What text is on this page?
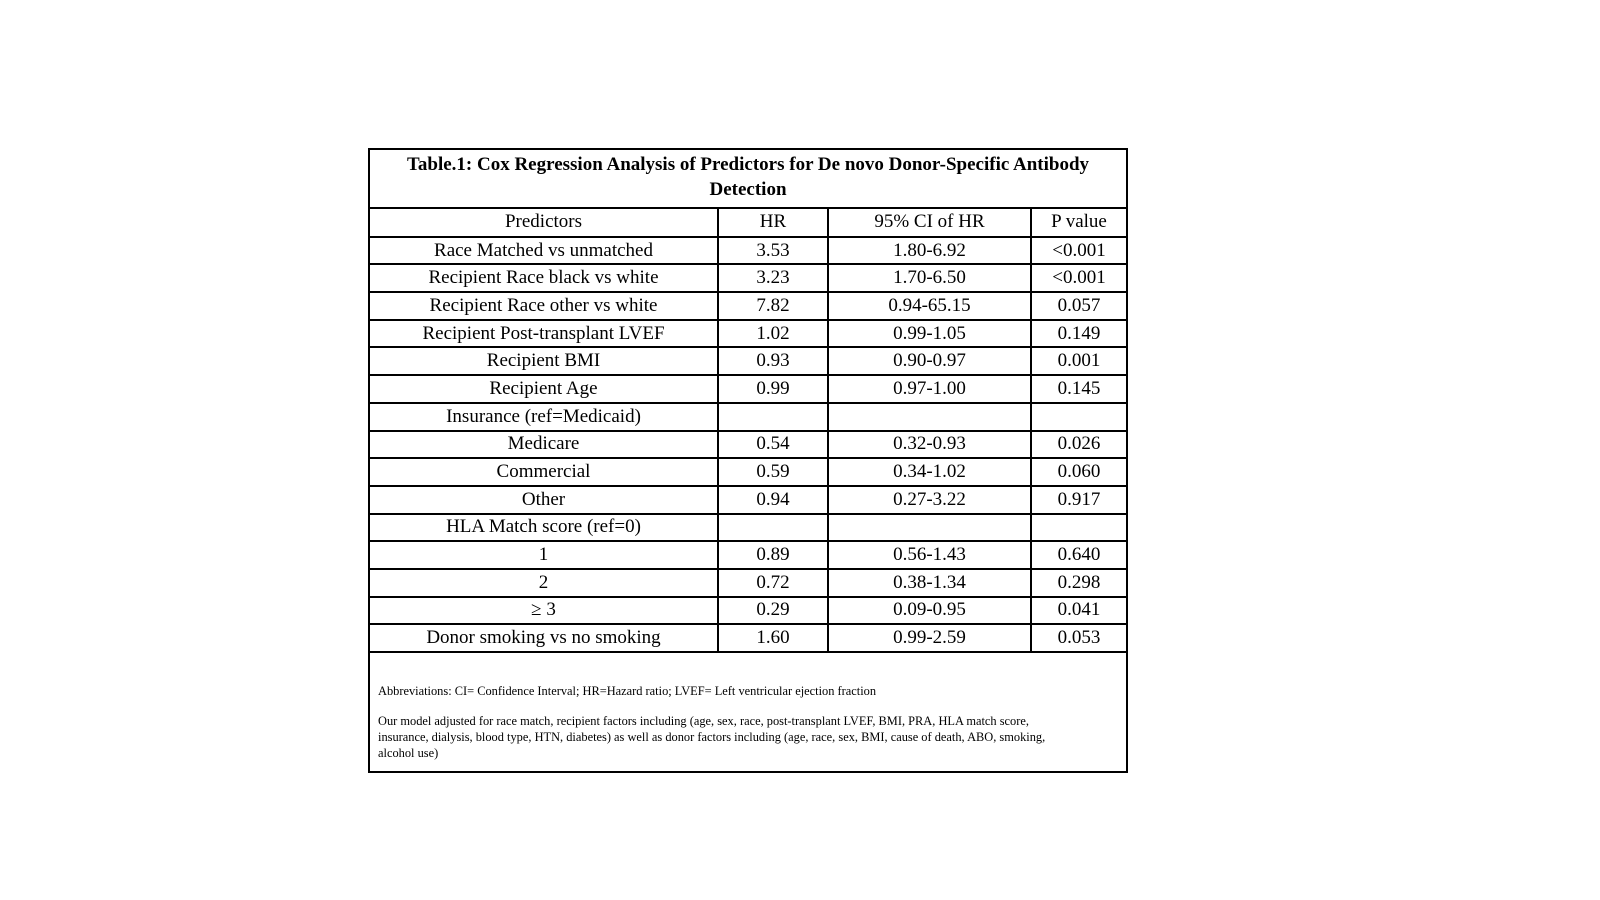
Table.1: Cox Regression Analysis of Predictors for De novo Donor-Specific Antibody
Detection
Predictors	HR	95% CI of HR	P value
Race Matched vs unmatched	3.53	1.80-6.92	<0.001
Recipient Race black vs white	3.23	1.70-6.50	<0.001
Recipient Race other vs white	7.82	0.94-65.15	0.057
Recipient Post-transplant LVEF	1.02	0.99-1.05	0.149
Recipient BMI	0.93	0.90-0.97	0.001
Recipient Age	0.99	0.97-1.00	0.145
Insurance (ref=Medicaid)			
Medicare	0.54	0.32-0.93	0.026
Commercial	0.59	0.34-1.02	0.060
Other	0.94	0.27-3.22	0.917
HLA Match score (ref=0)			
1	0.89	0.56-1.43	0.640
2	0.72	0.38-1.34	0.298
≥ 3	0.29	0.09-0.95	0.041
Donor smoking vs no smoking	1.60	0.99-2.59	0.053
Abbreviations: CI= Confidence Interval; HR=Hazard ratio; LVEF= Left ventricular ejection fraction
Our model adjusted for race match, recipient factors including (age, sex, race, post-transplant LVEF, BMI, PRA, HLA match score,
insurance, dialysis, blood type, HTN, diabetes) as well as donor factors including (age, race, sex, BMI, cause of death, ABO, smoking,
alcohol use)
